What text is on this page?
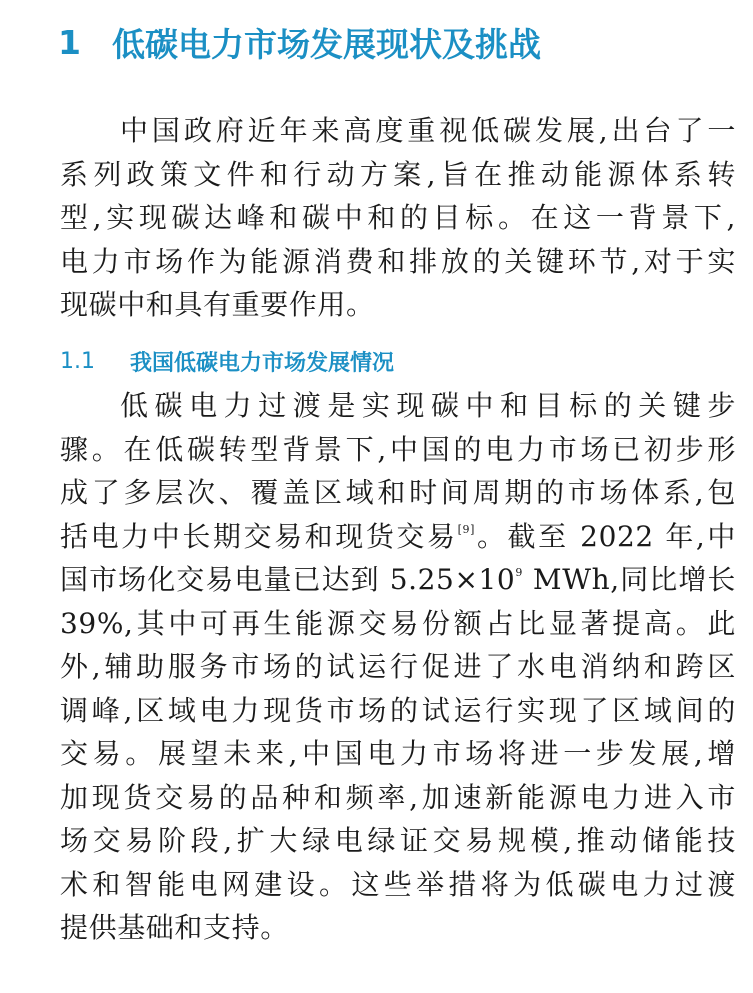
1 低碳电力市场发展现状及挑战

中国政府近年来高度重视低碳发展,出台了一
系列政策文件和行动方案,旨在推动能源体系转
型,实现碳达峰和碳中和的目标。在这一背景下,
电力市场作为能源消费和排放的关键环节,对于实
现碳中和具有重要作用。

1.1	我国低碳电力市场发展情况

低碳电力过渡是实现碳中和目标的关键步
骤。在低碳转型背景下,中国的电力市场已初步形
成了多层次、覆盖区域和时间周期的市场体系,包
括电力中长期交易和现货交易[9]。截至 2022 年,中
国市场化交易电量已达到 $5.25\times 10^9$ MWh,同比增长
39%,其中可再生能源交易份额占比显著提高。此
外,辅助服务市场的试运行促进了水电消纳和跨区
调峰,区域电力现货市场的试运行实现了区域间的
交易。展望未来,中国电力市场将进一步发展,增
加现货交易的品种和频率,加速新能源电力进入市
场交易阶段,扩大绿电绿证交易规模,推动储能技
术和智能电网建设。这些举措将为低碳电力过渡
提供基础和支持。
